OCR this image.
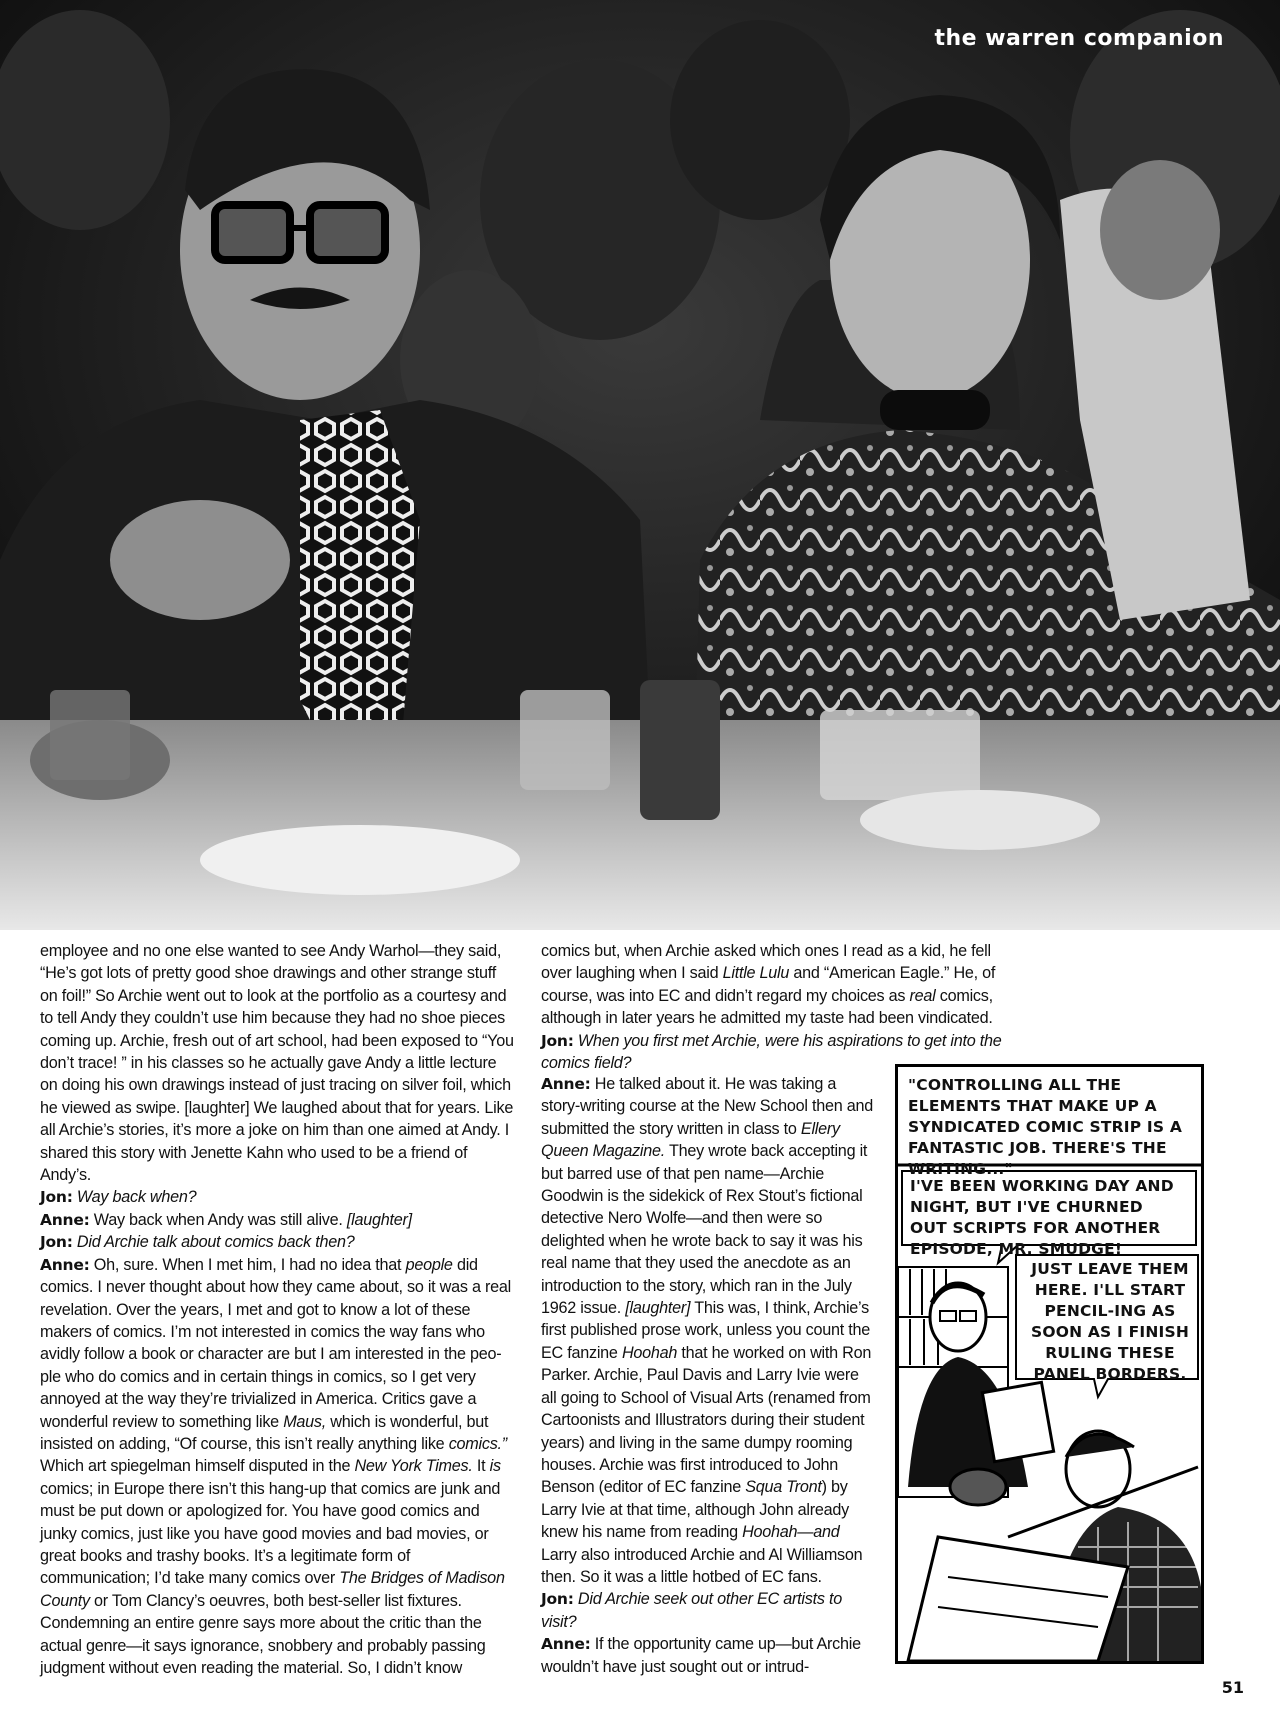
the warren companion

employee and no one else wanted to see Andy Warhol—they said, “He’s got lots of pretty good shoe drawings and other strange stuff on foil!” So Archie went out to look at the portfolio as a courtesy and to tell Andy they couldn’t use him because they had no shoe pieces coming up. Archie, fresh out of art school, had been exposed to “You don’t trace! ” in his classes so he actually gave Andy a little lecture on doing his own drawings instead of just tracing on silver foil, which he viewed as swipe. [laughter] We laughed about that for years. Like all Archie’s stories, it’s more a joke on him than one aimed at Andy. I shared this story with Jenette Kahn who used to be a friend of Andy’s.

Jon: Way back when?

Anne: Way back when Andy was still alive. [laughter]

Jon: Did Archie talk about comics back then?

Anne: Oh, sure. When I met him, I had no idea that people did comics. I never thought about how they came about, so it was a real revelation. Over the years, I met and got to know a lot of these makers of comics. I’m not interested in comics the way fans who avidly follow a book or character are but I am interested in the peo-ple who do comics and in certain things in comics, so I get very annoyed at the way they’re trivialized in America. Critics gave a wonderful review to something like Maus, which is wonderful, but insisted on adding, “Of course, this isn’t really anything like comics.” Which art spiegelman himself disputed in the New York Times. It is comics; in Europe there isn’t this hang-up that comics are junk and must be put down or apologized for. You have good comics and junky comics, just like you have good movies and bad movies, or great books and trashy books. It’s a legitimate form of communication; I’d take many comics over The Bridges of Madison County or Tom Clancy’s oeuvres, both best-seller list fixtures. Condemning an entire genre says more about the critic than the actual genre—it says ignorance, snobbery and probably passing judgment without even reading the material. So, I didn’t know

comics but, when Archie asked which ones I read as a kid, he fell over laughing when I said Little Lulu and “American Eagle.” He, of course, was into EC and didn’t regard my choices as real comics, although in later years he admitted my taste had been vindicated.

Jon: When you first met Archie, were his aspirations to get into the comics field?

Anne: He talked about it. He was taking a story-writing course at the New School then and submitted the story written in class to Ellery Queen Magazine. They wrote back accepting it but barred use of that pen name—Archie Goodwin is the sidekick of Rex Stout’s fictional detective Nero Wolfe—and then were so delighted when he wrote back to say it was his real name that they used the anecdote as an introduction to the story, which ran in the July 1962 issue. [laughter] This was, I think, Archie’s first published prose work, unless you count the EC fanzine Hoohah that he worked on with Ron Parker. Archie, Paul Davis and Larry Ivie were all going to School of Visual Arts (renamed from Cartoonists and Illustrators during their student years) and living in the same dumpy rooming houses. Archie was first introduced to John Benson (editor of EC fanzine Squa Tront) by Larry Ivie at that time, although John already knew his name from reading Hoohah—and Larry also introduced Archie and Al Williamson then. So it was a little hotbed of EC fans.

Jon: Did Archie seek out other EC artists to visit?

Anne: If the opportunity came up—but Archie wouldn’t have just sought out or intrud-

"CONTROLLING ALL THE ELEMENTS THAT MAKE UP A SYNDICATED COMIC STRIP IS A FANTASTIC JOB. THERE'S THE WRITING..."
I'VE BEEN WORKING DAY AND NIGHT, BUT I'VE CHURNED OUT SCRIPTS FOR ANOTHER EPISODE, MR. SMUDGE!
JUST LEAVE THEM HERE. I'LL START PENCIL-ING AS SOON AS I FINISH RULING THESE PANEL BORDERS.
51
